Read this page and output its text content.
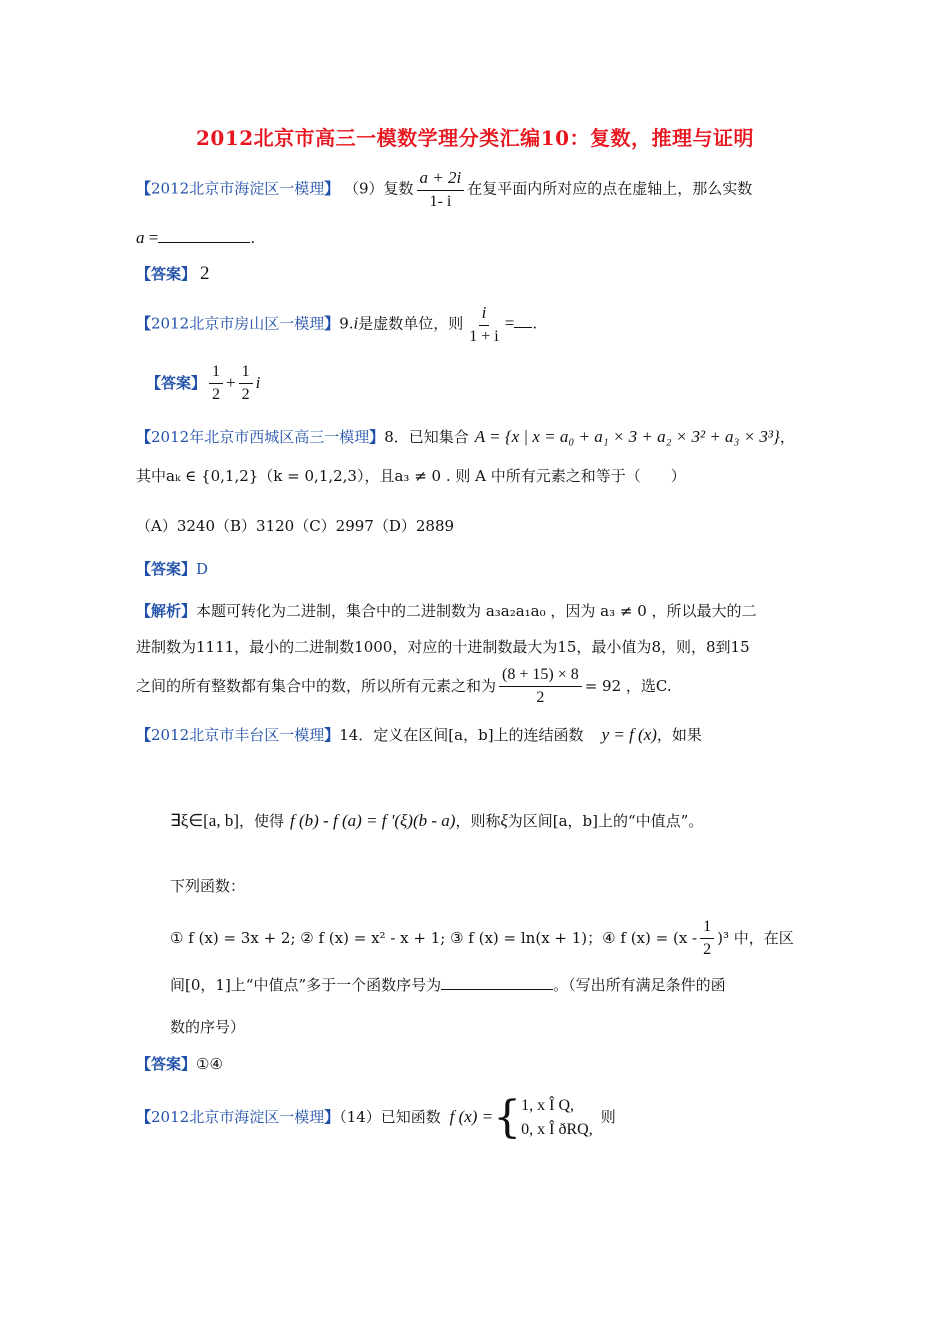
2012北京市高三一模数学理分类汇编10：复数，推理与证明
【2012北京市海淀区一模理】 （9）复数 $\frac{a + 2i}{1- i}$ 在复平面内所对应的点在虚轴上，那么实数
a =	.
【答案】 2
【2012北京市房山区一模理】9.i是虚数单位，则 $\frac{i}{1 + i}$ = .
【答案】 $\frac{1}{2} + \frac{1}{2}$ i
【2012年北京市西城区高三一模理】8．已知集合 A = {x | x = a₀ + a₁ × 3 + a₂ × 3² + a₃ × 3³}，
其中aₖ ∈ {0,1,2}（k = 0,1,2,3），且a₃ ≠ 0 . 则 A 中所有元素之和等于（　　）
（A）3240（B）3120（C）2997（D）2889
【答案】D
【解析】本题可转化为二进制，集合中的二进制数为 a₃a₂a₁a₀ ，因为 a₃ ≠ 0 ，所以最大的二
进制数为1111，最小的二进制数1000，对应的十进制数最大为15，最小值为8，则，8到15
之间的所有整数都有集合中的数，所以所有元素之和为 $\frac{(8 + 15) \times 8}{2} = 92$ ，选C.
【2012北京市丰台区一模理】14．定义在区间[a，b]上的连结函数 y = f (x)，如果
∃ξ∈[a, b]，使得 f (b) - f (a) = f '(ξ)(b - a)，则称ξ为区间[a，b]上的“中值点”。
下列函数：
① f (x) = 3x + 2; ② f (x) = x² - x + 1; ③ f (x) = ln(x + 1)；④ f $(x) = (x - \frac{1}{2} )^3$ 中，在区
间[0，1]上“中值点”多于一个函数序号为	。（写出所有满足条件的函
数的序号）
【答案】①④
【2012北京市海淀区一模理】（14）已知函数 f (x) ={ 1, x Î Q,
0, x Î ðRQ,
则
